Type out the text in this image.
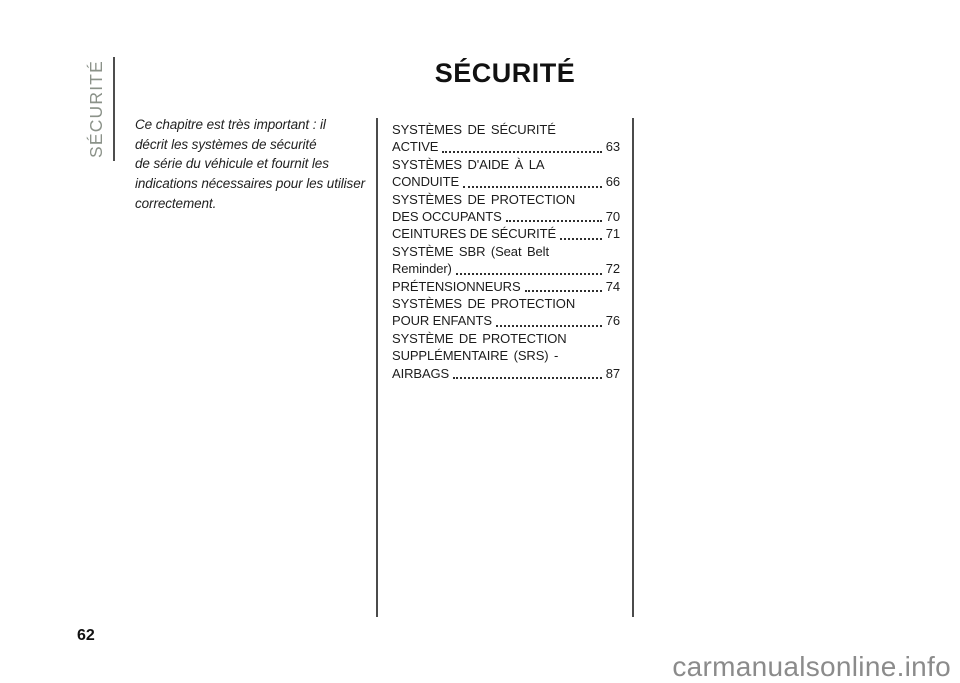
SÉCURITÉ	SÉCURITÉ
Ce chapitre est très important : il
décrit les systèmes de sécurité
de série du véhicule et fournit les
indications nécessaires pour les utiliser
correctement.
SYSTÈMES DE SÉCURITÉ
ACTIVE	63
SYSTÈMES D'AIDE À LA
CONDUITE	66
SYSTÈMES DE PROTECTION
DES OCCUPANTS	70
CEINTURES DE SÉCURITÉ	71
SYSTÈME SBR (Seat Belt
Reminder)	72
PRÉTENSIONNEURS	74
SYSTÈMES DE PROTECTION
POUR ENFANTS	76
SYSTÈME DE PROTECTION
SUPPLÉMENTAIRE (SRS) -
AIRBAGS	87
62
carmanualsonline.info
